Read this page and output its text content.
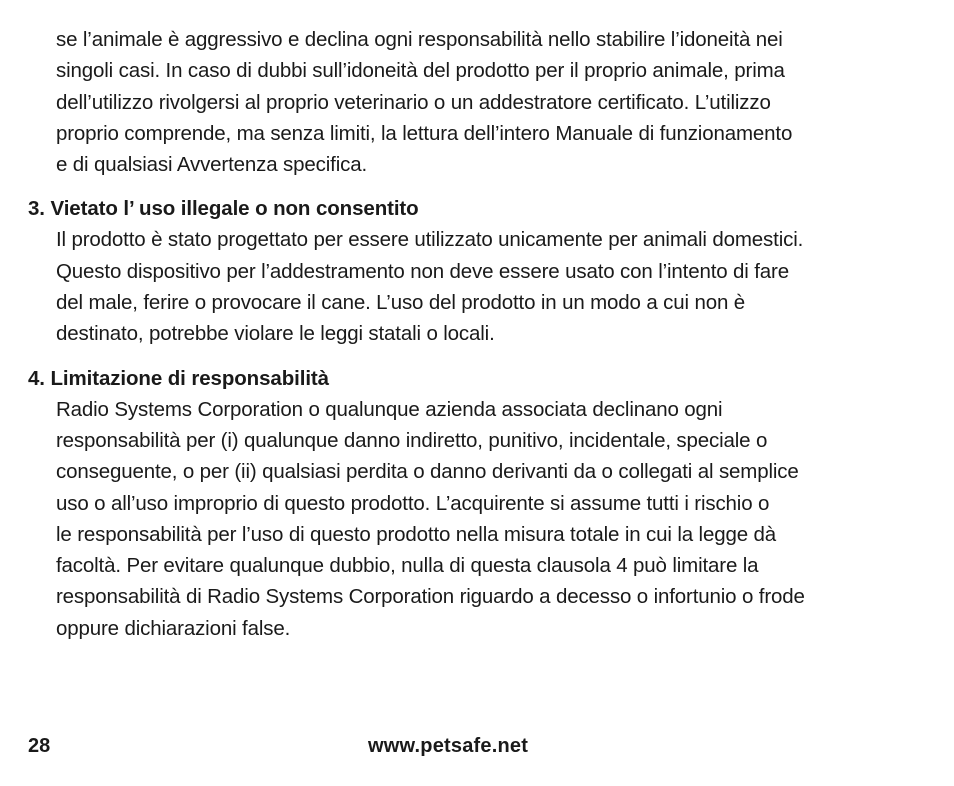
se l’animale è aggressivo e declina ogni responsabilità nello stabilire l’idoneità nei
singoli casi. In caso di dubbi sull’idoneità del prodotto per il proprio animale, prima
dell’utilizzo rivolgersi al proprio veterinario o un addestratore certificato. L’utilizzo
proprio comprende, ma senza limiti, la lettura dell’intero Manuale di funzionamento
e di qualsiasi Avvertenza specifica.

3. Vietato l’ uso illegale o non consentito

Il prodotto è stato progettato per essere utilizzato unicamente per animali domestici.
Questo dispositivo per l’addestramento non deve essere usato con l’intento di fare
del male, ferire o provocare il cane. L’uso del prodotto in un modo a cui non è
destinato, potrebbe violare le leggi statali o locali.

4. Limitazione di responsabilità

Radio Systems Corporation o qualunque azienda associata declinano ogni
responsabilità per (i) qualunque danno indiretto, punitivo, incidentale, speciale o
conseguente, o per (ii) qualsiasi perdita o danno derivanti da o collegati al semplice
uso o all’uso improprio di questo prodotto. L’acquirente si assume tutti i rischio o
le responsabilità per l’uso di questo prodotto nella misura totale in cui la legge dà
facoltà. Per evitare qualunque dubbio, nulla di questa clausola 4 può limitare la
responsabilità di Radio Systems Corporation riguardo a decesso o infortunio o frode
oppure dichiarazioni false.

28	www.petsafe.net
